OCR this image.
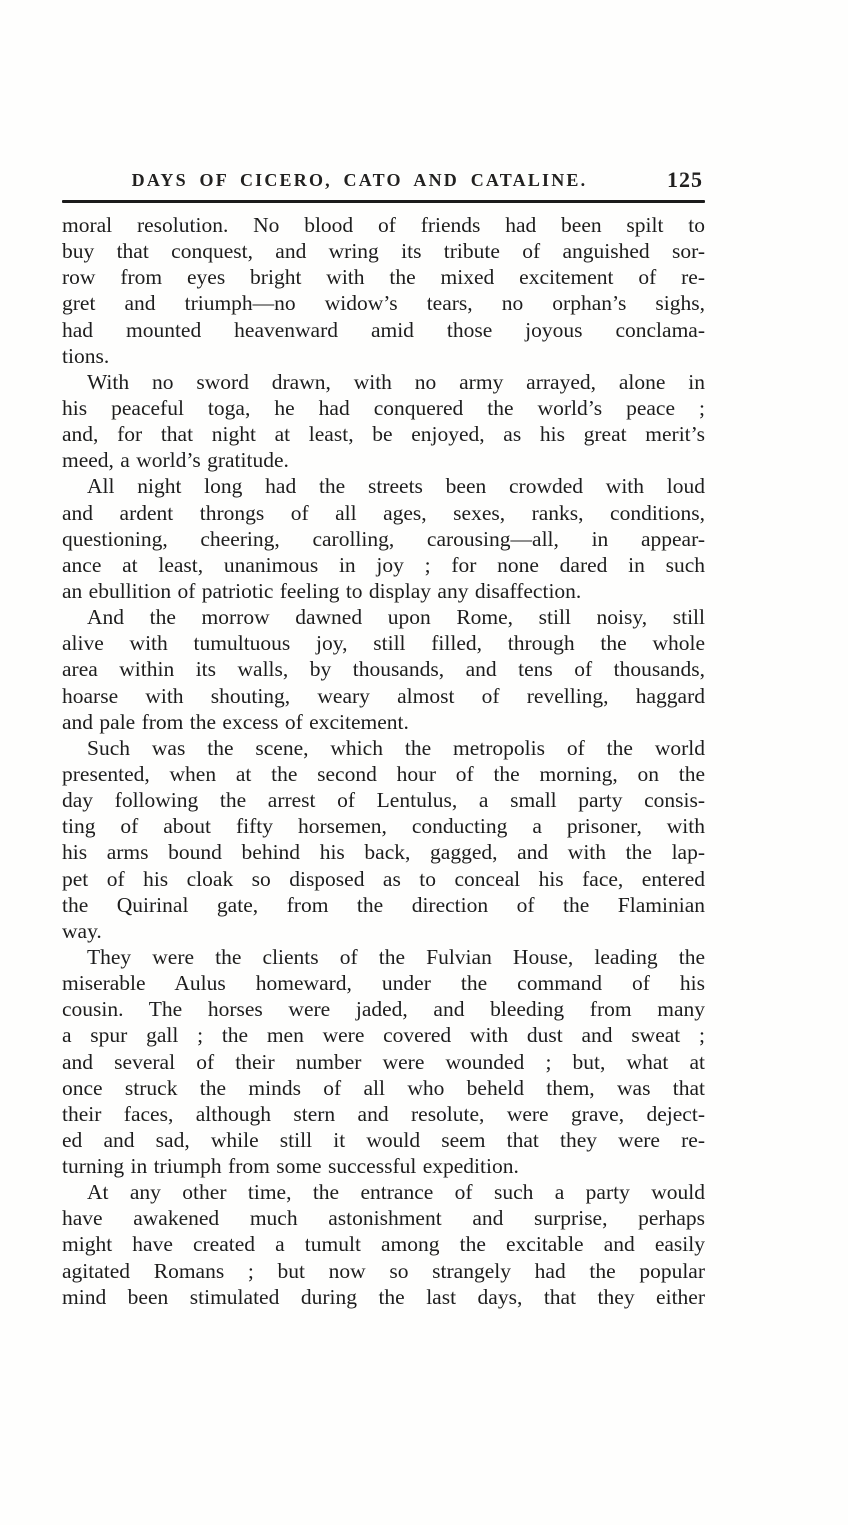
DAYS OF CICERO, CATO AND CATALINE.	125
moral resolution. No blood of friends had been spilt to
buy that conquest, and wring its tribute of anguished sor-
row from eyes bright with the mixed excitement of re-
gret and triumph—no widow’s tears, no orphan’s sighs,
had mounted heavenward amid those joyous conclama-
tions.
With no sword drawn, with no army arrayed, alone in
his peaceful toga, he had conquered the world’s peace ;
and, for that night at least, be enjoyed, as his great merit’s
meed, a world’s gratitude.
All night long had the streets been crowded with loud
and ardent throngs of all ages, sexes, ranks, conditions,
questioning, cheering, carolling, carousing—all, in appear-
ance at least, unanimous in joy ; for none dared in such
an ebullition of patriotic feeling to display any disaffection.
And the morrow dawned upon Rome, still noisy, still
alive with tumultuous joy, still filled, through the whole
area within its walls, by thousands, and tens of thousands,
hoarse with shouting, weary almost of revelling, haggard
and pale from the excess of excitement.
Such was the scene, which the metropolis of the world
presented, when at the second hour of the morning, on the
day following the arrest of Lentulus, a small party consis-
ting of about fifty horsemen, conducting a prisoner, with
his arms bound behind his back, gagged, and with the lap-
pet of his cloak so disposed as to conceal his face, entered
the Quirinal gate, from the direction of the Flaminian
way.
They were the clients of the Fulvian House, leading the
miserable Aulus homeward, under the command of his
cousin. The horses were jaded, and bleeding from many
a spur gall ; the men were covered with dust and sweat ;
and several of their number were wounded ; but, what at
once struck the minds of all who beheld them, was that
their faces, although stern and resolute, were grave, deject-
ed and sad, while still it would seem that they were re-
turning in triumph from some successful expedition.
At any other time, the entrance of such a party would
have awakened much astonishment and surprise, perhaps
might have created a tumult among the excitable and easily
agitated Romans ; but now so strangely had the popular
mind been stimulated during the last days, that they either
